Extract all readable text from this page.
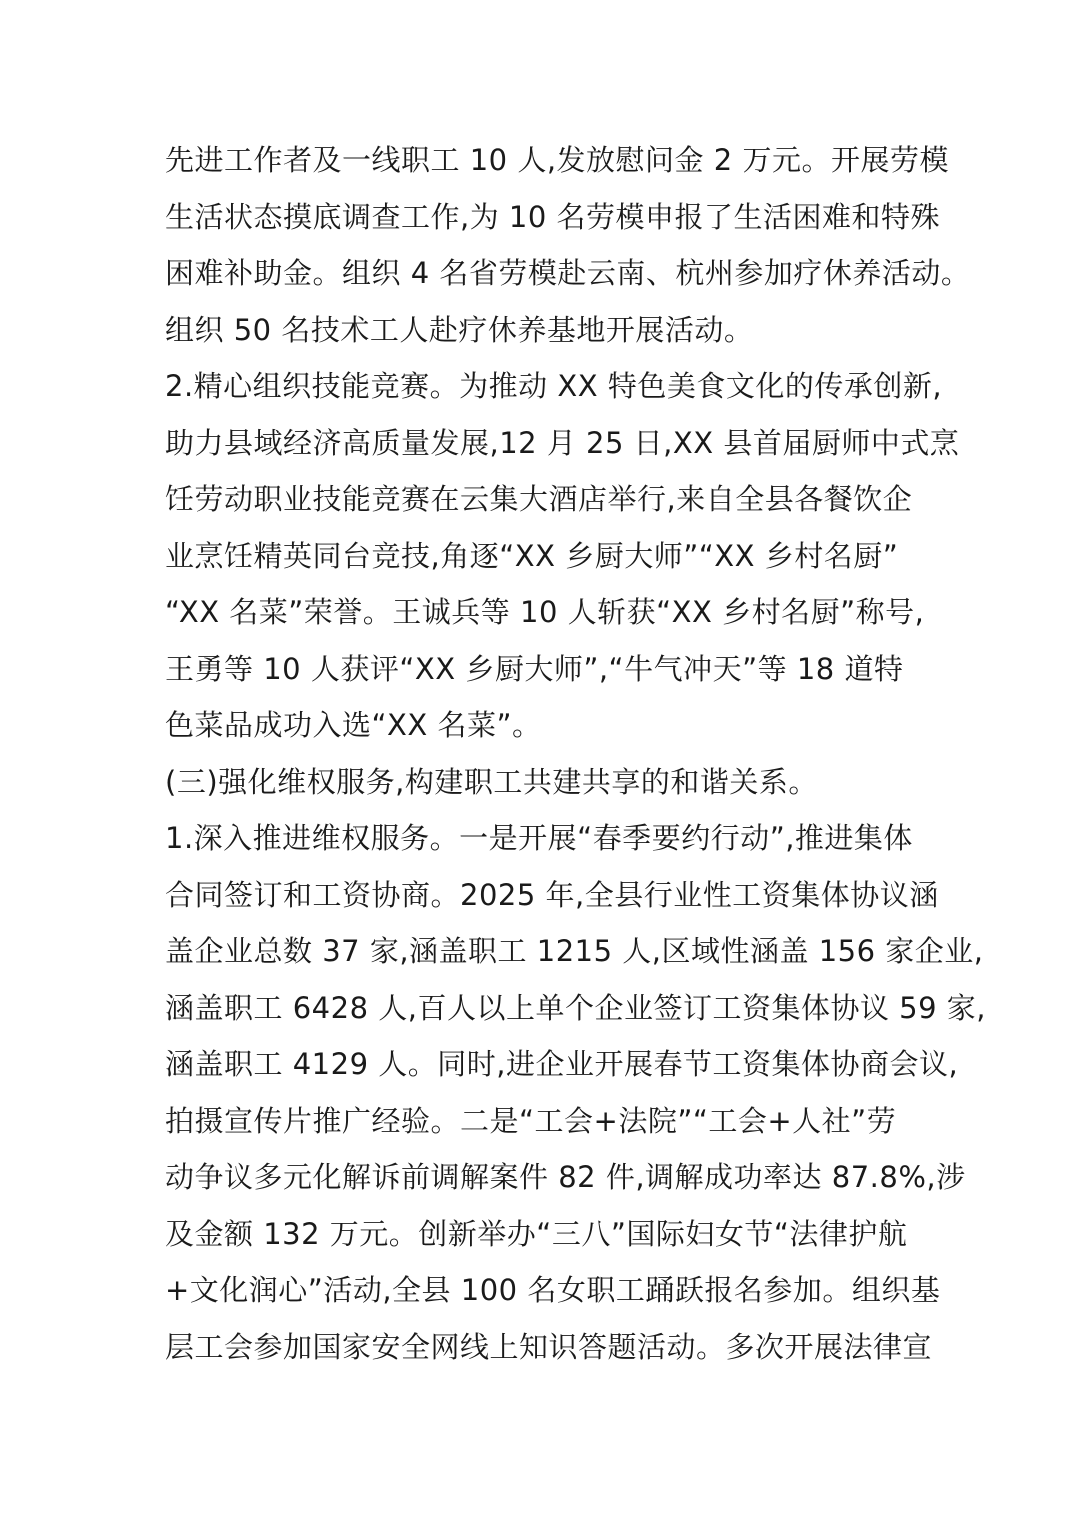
先进工作者及一线职工 10 人,发放慰问金 2 万元。开展劳模
生活状态摸底调查工作,为 10 名劳模申报了生活困难和特殊
困难补助金。组织 4 名省劳模赴云南、杭州参加疗休养活动。
组织 50 名技术工人赴疗休养基地开展活动。
2.精心组织技能竞赛。为推动 XX 特色美食文化的传承创新,
助力县域经济高质量发展,12 月 25 日,XX 县首届厨师中式烹
饪劳动职业技能竞赛在云集大酒店举行,来自全县各餐饮企
业烹饪精英同台竞技,角逐“XX 乡厨大师”“XX 乡村名厨”
“XX 名菜”荣誉。王诚兵等 10 人斩获“XX 乡村名厨”称号,
王勇等 10 人获评“XX 乡厨大师”,“牛气冲天”等 18 道特
色菜品成功入选“XX 名菜”。
(三)强化维权服务,构建职工共建共享的和谐关系。
1.深入推进维权服务。一是开展“春季要约行动”,推进集体
合同签订和工资协商。2025 年,全县行业性工资集体协议涵
盖企业总数 37 家,涵盖职工 1215 人,区域性涵盖 156 家企业,
涵盖职工 6428 人,百人以上单个企业签订工资集体协议 59 家,
涵盖职工 4129 人。同时,进企业开展春节工资集体协商会议,
拍摄宣传片推广经验。二是“工会+法院”“工会+人社”劳
动争议多元化解诉前调解案件 82 件,调解成功率达 87.8%,涉
及金额 132 万元。创新举办“三八”国际妇女节“法律护航
+文化润心”活动,全县 100 名女职工踊跃报名参加。组织基
层工会参加国家安全网线上知识答题活动。多次开展法律宣
